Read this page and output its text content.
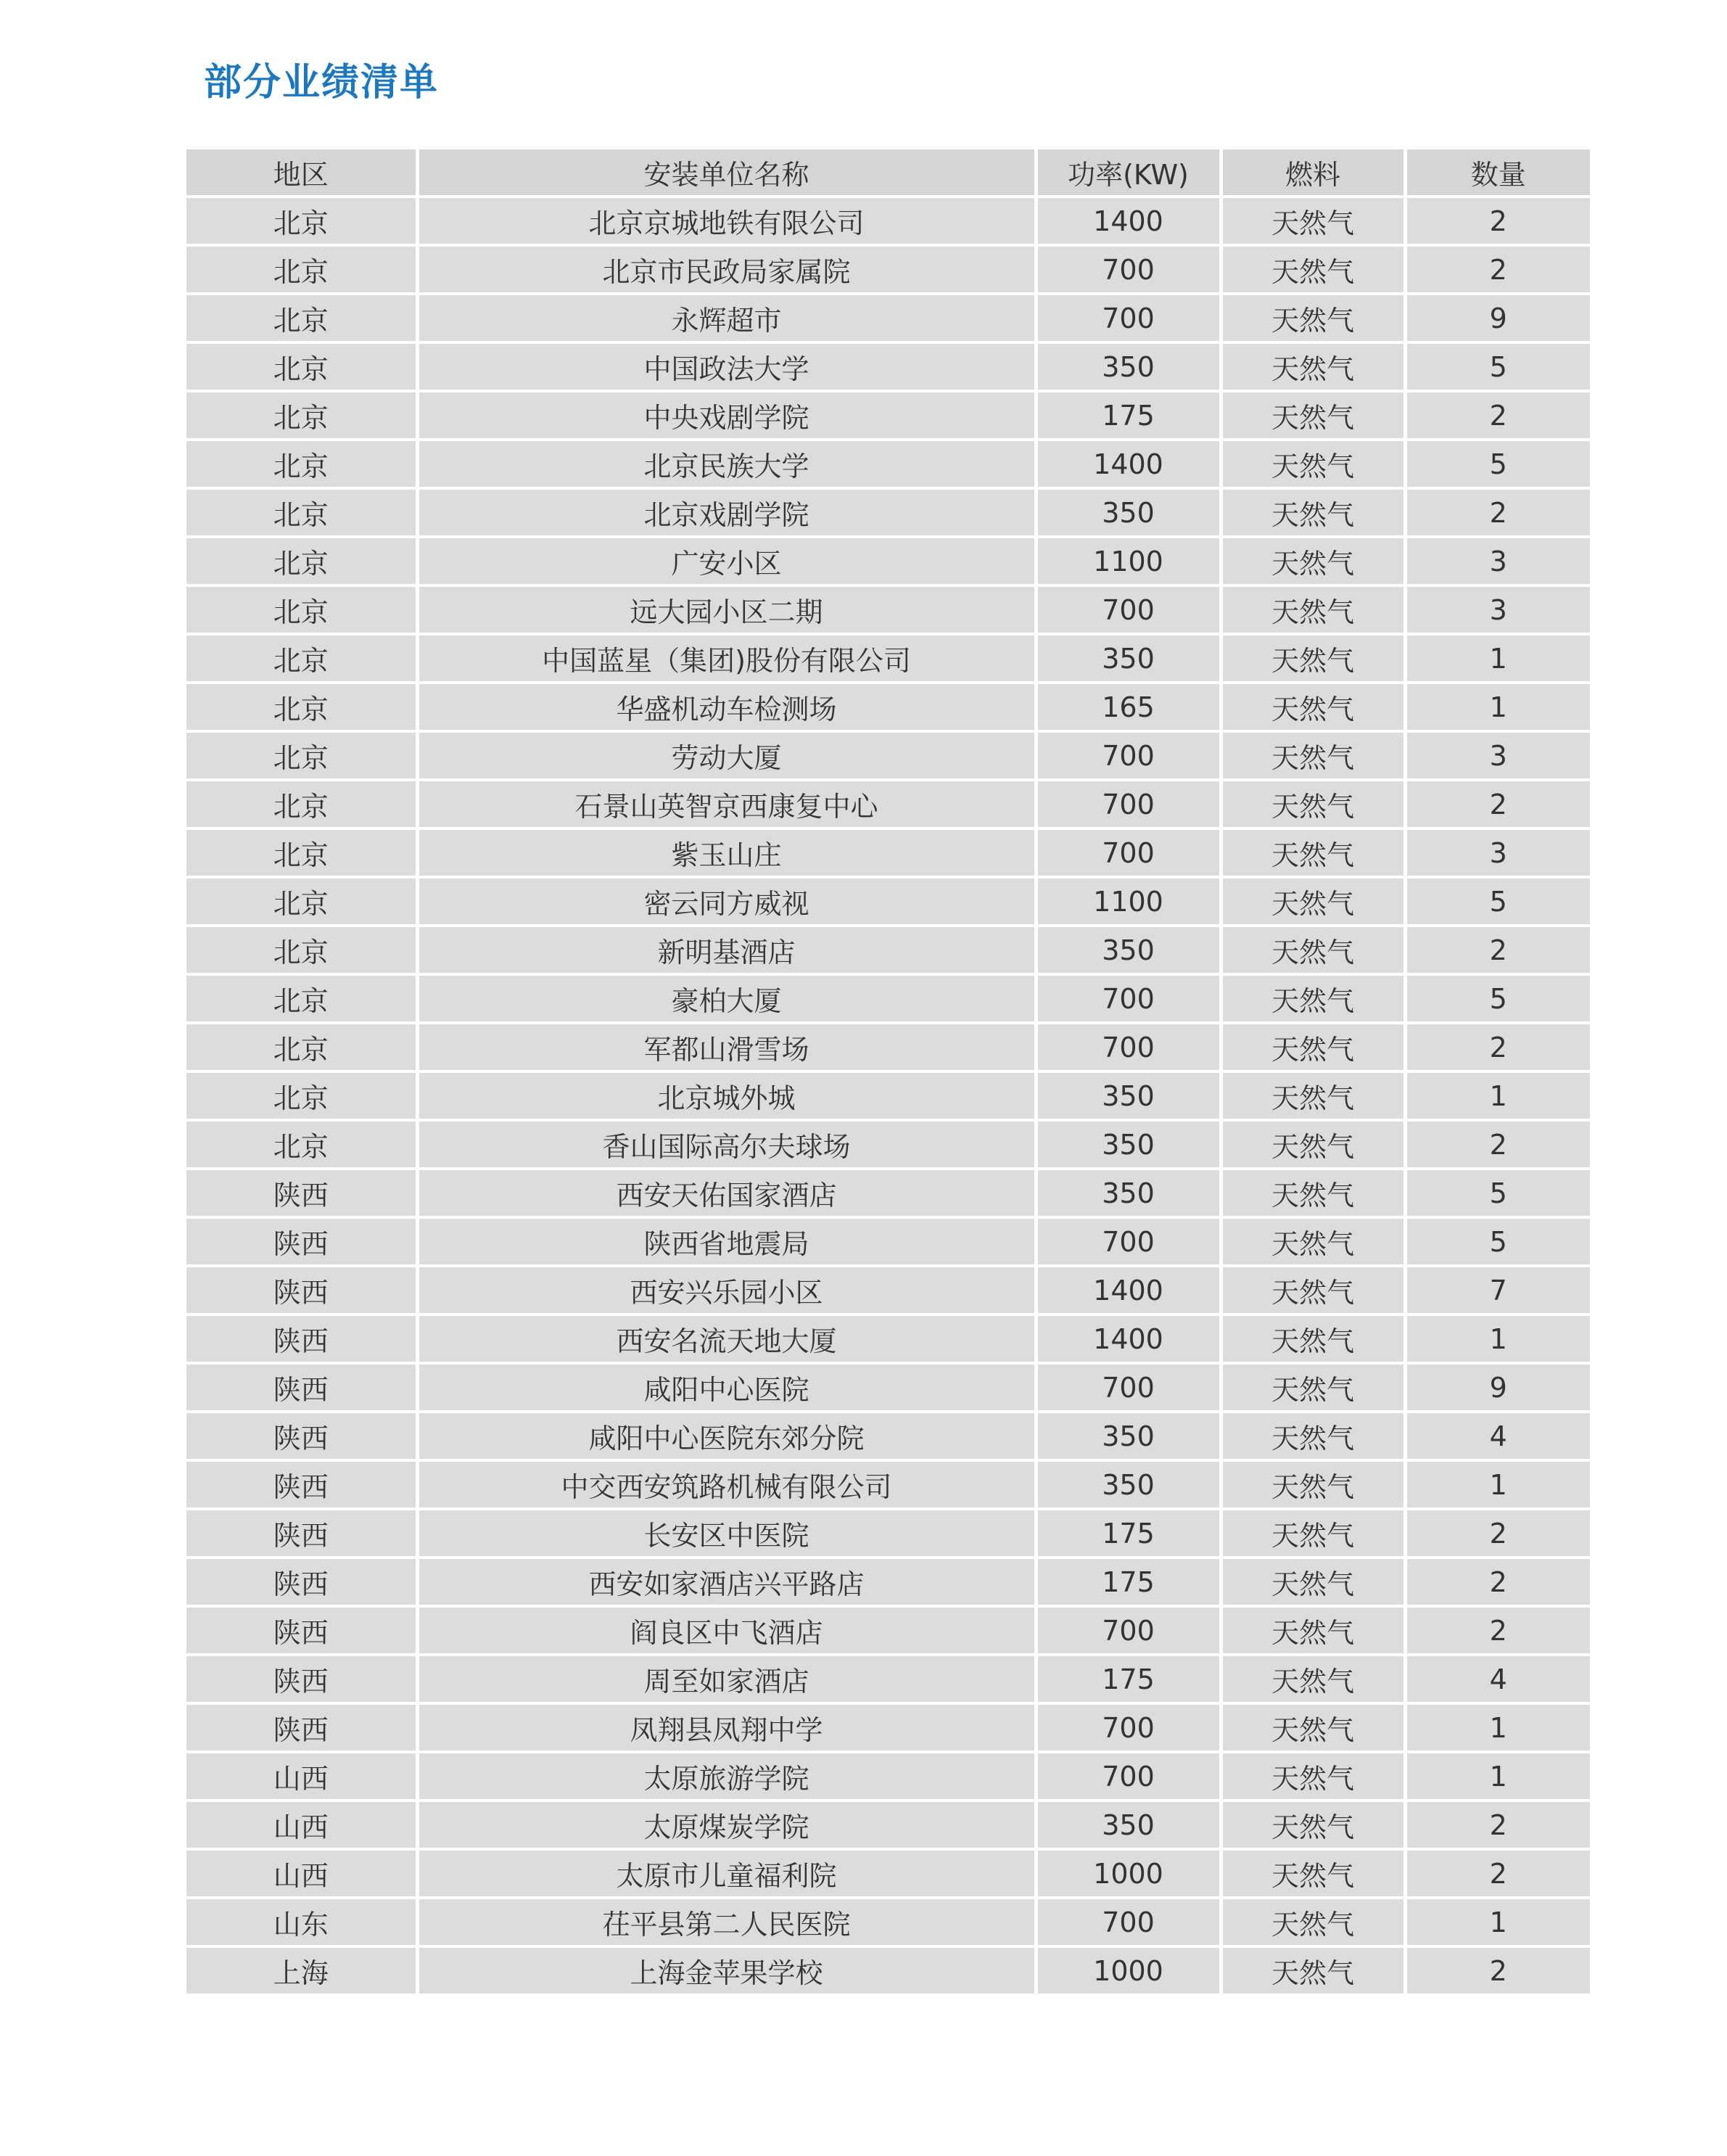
部分业绩清单
地区	安装单位名称	功率(KW)	燃料	数量
北京	北京京城地铁有限公司	1400	天然气	2
北京	北京市民政局家属院	700	天然气	2
北京	永辉超市	700	天然气	9
北京	中国政法大学	350	天然气	5
北京	中央戏剧学院	175	天然气	2
北京	北京民族大学	1400	天然气	5
北京	北京戏剧学院	350	天然气	2
北京	广安小区	1100	天然气	3
北京	远大园小区二期	700	天然气	3
北京	中国蓝星（集团)股份有限公司	350	天然气	1
北京	华盛机动车检测场	165	天然气	1
北京	劳动大厦	700	天然气	3
北京	石景山英智京西康复中心	700	天然气	2
北京	紫玉山庄	700	天然气	3
北京	密云同方威视	1100	天然气	5
北京	新明基酒店	350	天然气	2
北京	豪柏大厦	700	天然气	5
北京	军都山滑雪场	700	天然气	2
北京	北京城外城	350	天然气	1
北京	香山国际高尔夫球场	350	天然气	2
陕西	西安天佑国家酒店	350	天然气	5
陕西	陕西省地震局	700	天然气	5
陕西	西安兴乐园小区	1400	天然气	7
陕西	西安名流天地大厦	1400	天然气	1
陕西	咸阳中心医院	700	天然气	9
陕西	咸阳中心医院东郊分院	350	天然气	4
陕西	中交西安筑路机械有限公司	350	天然气	1
陕西	长安区中医院	175	天然气	2
陕西	西安如家酒店兴平路店	175	天然气	2
陕西	阎良区中飞酒店	700	天然气	2
陕西	周至如家酒店	175	天然气	4
陕西	凤翔县凤翔中学	700	天然气	1
山西	太原旅游学院	700	天然气	1
山西	太原煤炭学院	350	天然气	2
山西	太原市儿童福利院	1000	天然气	2
山东	茌平县第二人民医院	700	天然气	1
上海	上海金苹果学校	1000	天然气	2
